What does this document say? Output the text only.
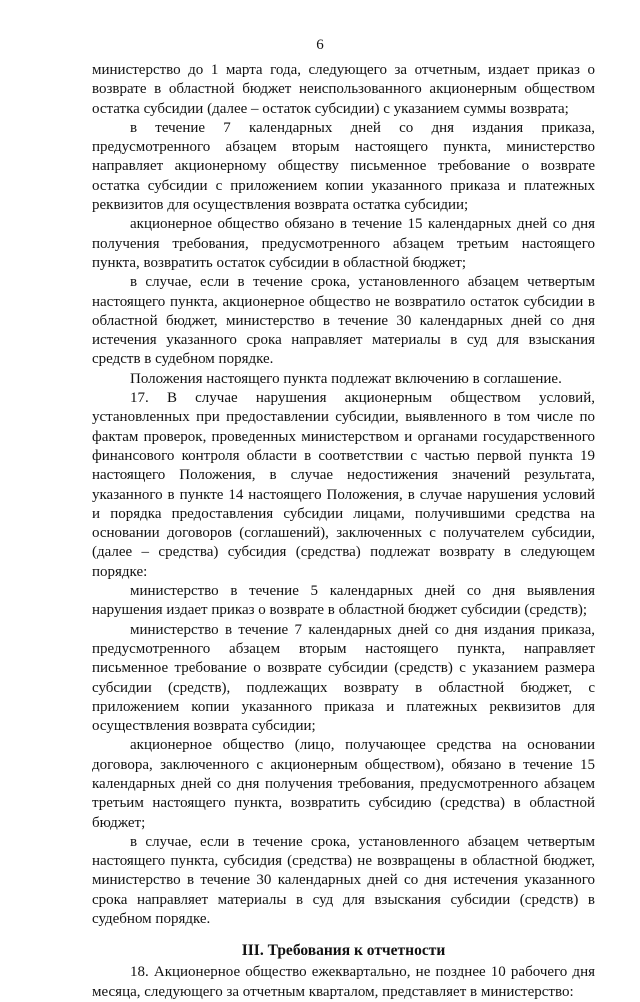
6

министерство до 1 марта года, следующего за отчетным, издает приказ о возврате в областной бюджет неиспользованного акционерным обществом остатка субсидии (далее – остаток субсидии) с указанием суммы возврата;

в течение 7 календарных дней со дня издания приказа, предусмотренного абзацем вторым настоящего пункта, министерство направляет акционерному обществу письменное требование о возврате остатка субсидии с приложением копии указанного приказа и платежных реквизитов для осуществления возврата остатка субсидии;

акционерное общество обязано в течение 15 календарных дней со дня получения требования, предусмотренного абзацем третьим настоящего пункта, возвратить остаток субсидии в областной бюджет;

в случае, если в течение срока, установленного абзацем четвертым настоящего пункта, акционерное общество не возвратило остаток субсидии в областной бюджет, министерство в течение 30 календарных дней со дня истечения указанного срока направляет материалы в суд для взыскания средств в судебном порядке.

Положения настоящего пункта подлежат включению в соглашение.

17. В случае нарушения акционерным обществом условий, установленных при предоставлении субсидии, выявленного в том числе по фактам проверок, проведенных министерством и органами государственного финансового контроля области в соответствии с частью первой пункта 19 настоящего Положения, в случае недостижения значений результата, указанного в пункте 14 настоящего Положения, в случае нарушения условий и порядка предоставления субсидии лицами, получившими средства на основании договоров (соглашений), заключенных с получателем субсидии, (далее – средства) субсидия (средства) подлежат возврату в следующем порядке:

министерство в течение 5 календарных дней со дня выявления нарушения издает приказ о возврате в областной бюджет субсидии (средств);

министерство в течение 7 календарных дней со дня издания приказа, предусмотренного абзацем вторым настоящего пункта, направляет письменное требование о возврате субсидии (средств) с указанием размера субсидии (средств), подлежащих возврату в областной бюджет, с приложением копии указанного приказа и платежных реквизитов для осуществления возврата субсидии;

акционерное общество (лицо, получающее средства на основании договора, заключенного с акционерным обществом), обязано в течение 15 календарных дней со дня получения требования, предусмотренного абзацем третьим настоящего пункта, возвратить субсидию (средства) в областной бюджет;

в случае, если в течение срока, установленного абзацем четвертым настоящего пункта, субсидия (средства) не возвращены в областной бюджет, министерство в течение 30 календарных дней со дня истечения указанного срока направляет материалы в суд для взыскания субсидии (средств) в судебном порядке.

III. Требования к отчетности

18. Акционерное общество ежеквартально, не позднее 10 рабочего дня месяца, следующего за отчетным кварталом, представляет в министерство:
